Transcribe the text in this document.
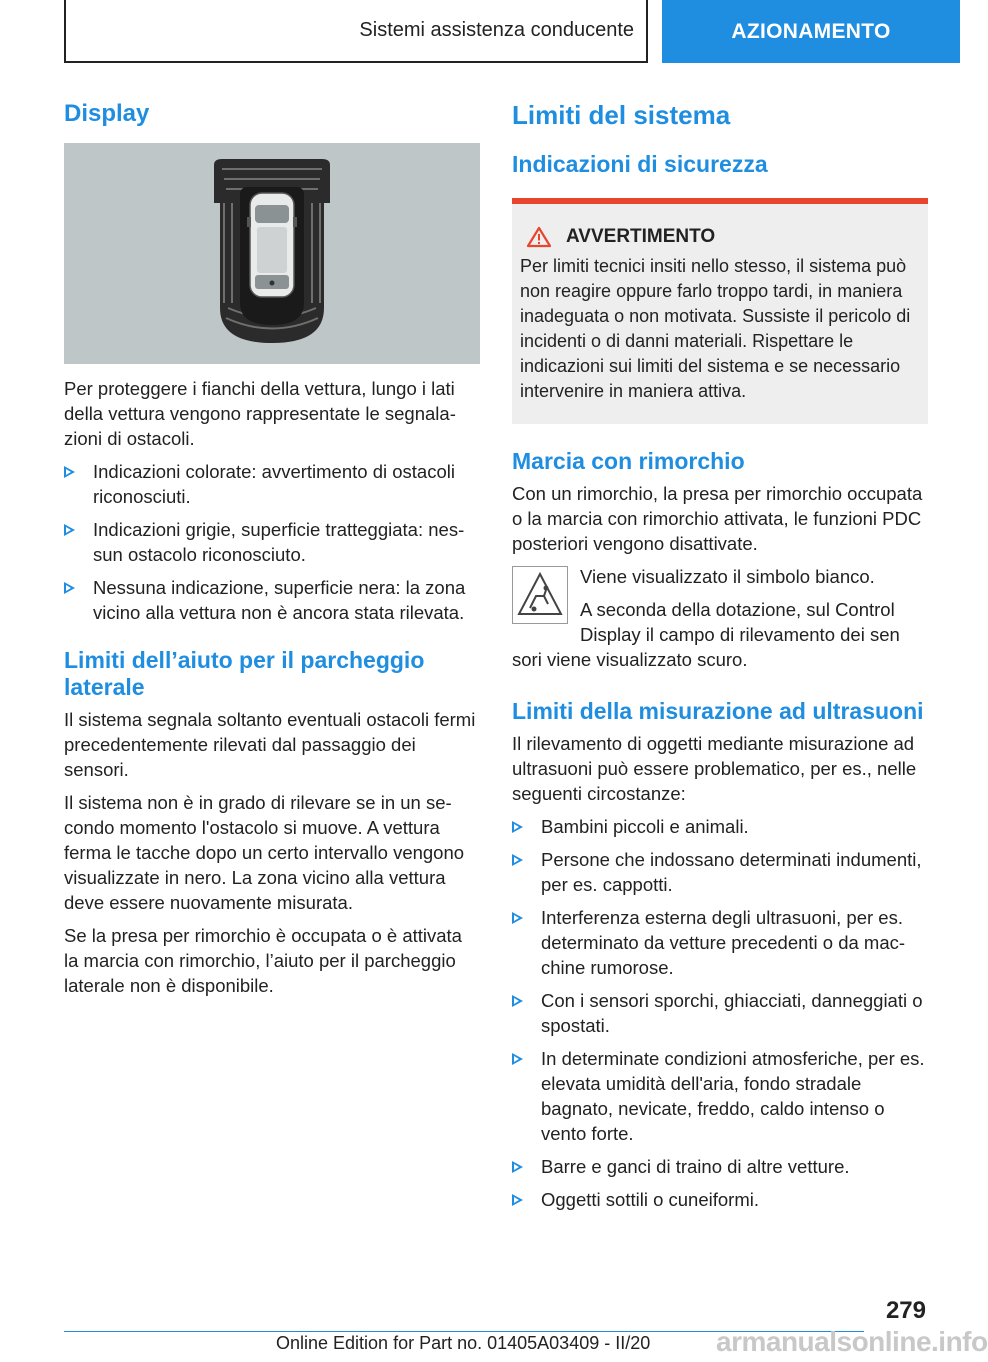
Sistemi assistenza conducente	AZIONAMENTO
Display

Per proteggere i fianchi della vettura, lungo i lati della vettura vengono rappresentate le segnalazioni di ostacoli.

Indicazioni colorate: avvertimento di ostacoli riconosciuti.
Indicazioni grigie, superficie tratteggiata: nessun ostacolo riconosciuto.
Nessuna indicazione, superficie nera: la zona vicino alla vettura non è ancora stata rilevata.
Limiti dell’aiuto per il parcheggio laterale

Il sistema segnala soltanto eventuali ostacoli fermi precedentemente rilevati dal passaggio dei sensori.

Il sistema non è in grado di rilevare se in un secondo momento l'ostacolo si muove. A vettura ferma le tacche dopo un certo intervallo vengono visualizzate in nero. La zona vicino alla vettura deve essere nuovamente misurata.

Se la presa per rimorchio è occupata o è attivata la marcia con rimorchio, l’aiuto per il parcheggio laterale non è disponibile.

Limiti del sistema
Indicazioni di sicurezza
AVVERTIMENTO

Per limiti tecnici insiti nello stesso, il sistema può non reagire oppure farlo troppo tardi, in maniera inadeguata o non motivata. Sussiste il pericolo di incidenti o di danni materiali. Rispettare le indicazioni sui limiti del sistema e se necessario intervenire in maniera attiva.

Marcia con rimorchio

Con un rimorchio, la presa per rimorchio occupata o la marcia con rimorchio attivata, le funzioni PDC posteriori vengono disattivate.

Viene visualizzato il simbolo bianco.

A seconda della dotazione, sul Control Display il campo di rilevamento dei sen

sori viene visualizzato scuro.

Limiti della misurazione ad ultrasuoni

Il rilevamento di oggetti mediante misurazione ad ultrasuoni può essere problematico, per es., nelle seguenti circostanze:

Bambini piccoli e animali.
Persone che indossano determinati indumenti, per es. cappotti.
Interferenza esterna degli ultrasuoni, per es. determinato da vetture precedenti o da macchine rumorose.
Con i sensori sporchi, ghiacciati, danneggiati o spostati.
In determinate condizioni atmosferiche, per es. elevata umidità dell'aria, fondo stradale bagnato, nevicate, freddo, caldo intenso o vento forte.
Barre e ganci di traino di altre vetture.
Oggetti sottili o cuneiformi.
279
Online Edition for Part no. 01405A03409 - II/20 armanualsonline.info
